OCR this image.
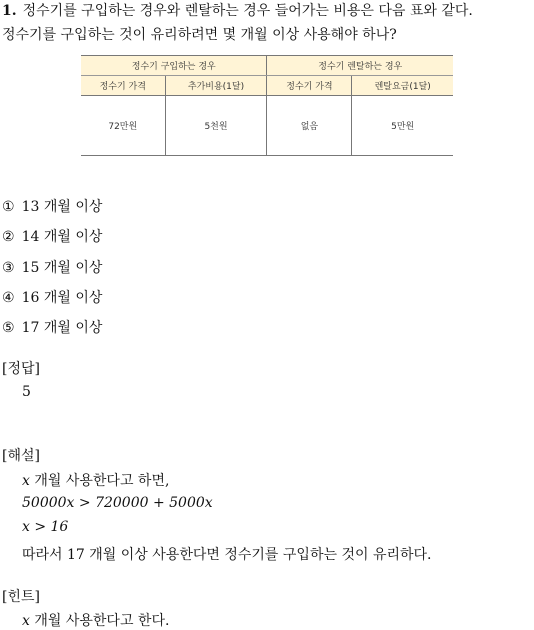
1. 정수기를 구입하는 경우와 렌탈하는 경우 들어가는 비용은 다음 표와 같다.
정수기를 구입하는 것이 유리하려면 몇 개월 이상 사용해야 하나?
정수기 구입하는 경우		정수기 렌탈하는 경우	
정수기 가격	추가비용(1달)	정수기 가격	렌탈요금(1달)
72만원	5천원	없음	5만원
① 13 개월 이상
② 14 개월 이상
③ 15 개월 이상
④ 16 개월 이상
⑤ 17 개월 이상
[정답]
5
[해설]
x 개월 사용한다고 하면,
50000x > 720000 + 5000x
x > 16
따라서 17 개월 이상 사용한다면 정수기를 구입하는 것이 유리하다.
[힌트]
x 개월 사용한다고 한다.
